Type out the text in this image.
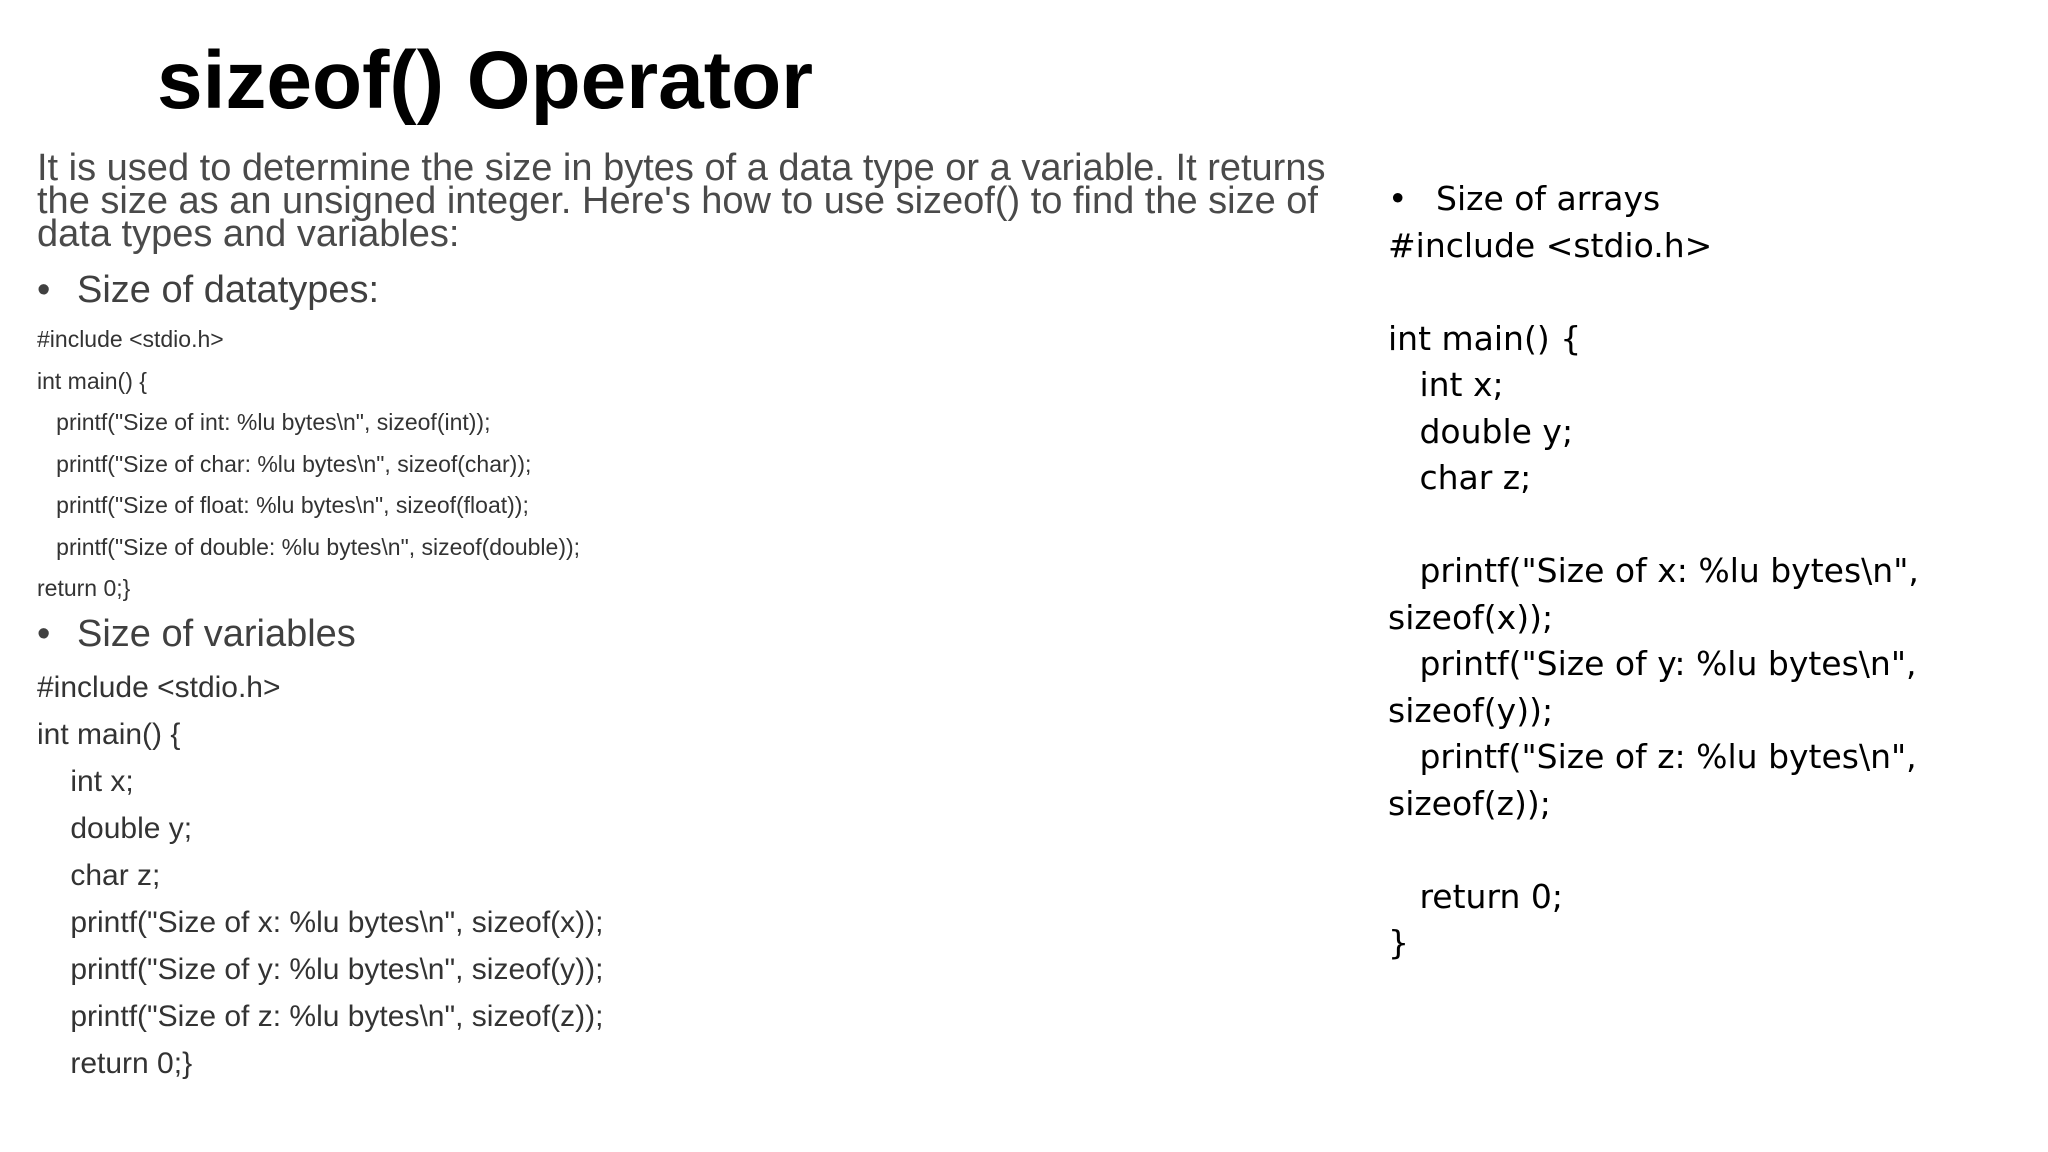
sizeof() Operator
It is used to determine the size in bytes of a data type or a variable. It returns the size as an unsigned integer. Here's how to use sizeof() to find the size of data types and variables:
• Size of datatypes:
#include <stdio.h>
int main() {
printf("Size of int: %lu bytes\n", sizeof(int));
printf("Size of char: %lu bytes\n", sizeof(char));
printf("Size of float: %lu bytes\n", sizeof(float));
printf("Size of double: %lu bytes\n", sizeof(double));
return 0;}
• Size of variables
#include <stdio.h>
int main() {
int x;
double y;
char z;
printf("Size of x: %lu bytes\n", sizeof(x));
printf("Size of y: %lu bytes\n", sizeof(y));
printf("Size of z: %lu bytes\n", sizeof(z));
return 0;}
• Size of arrays
#include <stdio.h>
int main() {
int x;
double y;
char z;
printf("Size of x: %lu bytes\n",
sizeof(x));
printf("Size of y: %lu bytes\n",
sizeof(y));
printf("Size of z: %lu bytes\n",
sizeof(z));
return 0;
}
